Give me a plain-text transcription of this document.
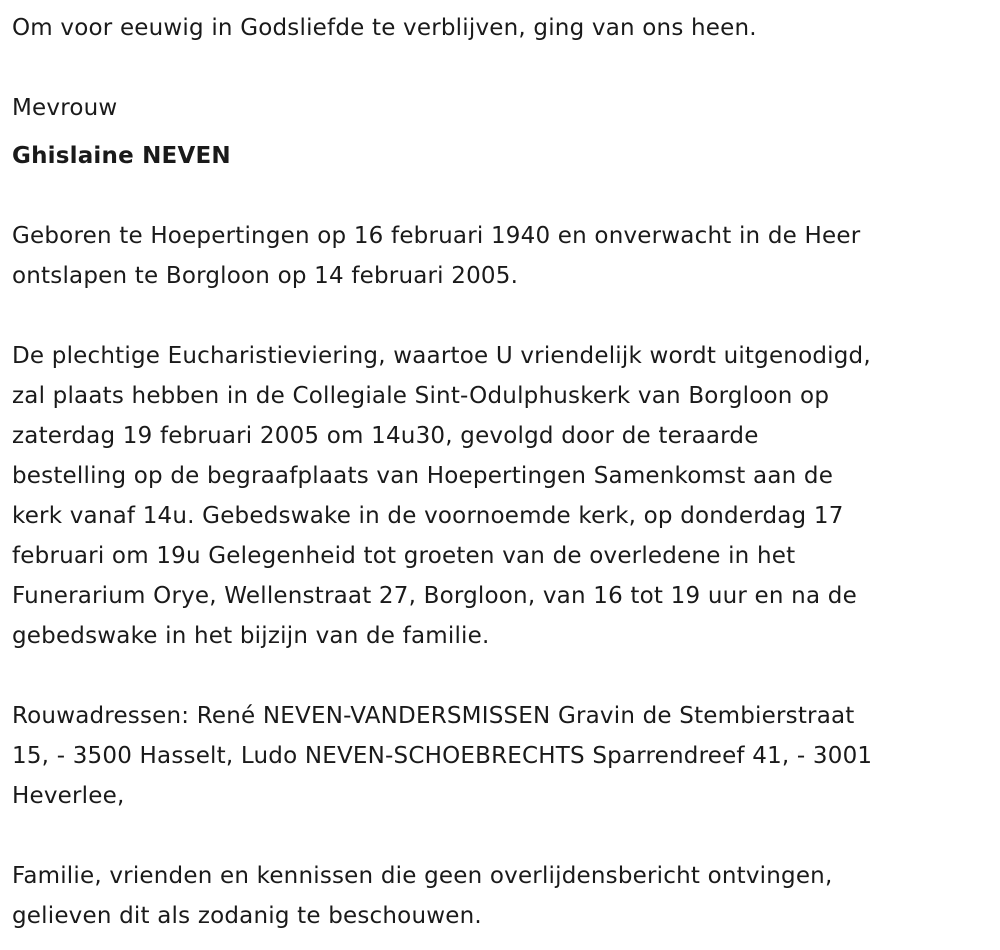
Om voor eeuwig in Godsliefde te verblijven, ging van ons heen.

Mevrouw

Ghislaine NEVEN

Geboren te Hoepertingen op 16 februari 1940 en onverwacht in de Heer

ontslapen te Borgloon op 14 februari 2005.

De plechtige Eucharistieviering, waartoe U vriendelijk wordt uitgenodigd,

zal plaats hebben in de Collegiale Sint-Odulphuskerk van Borgloon op

zaterdag 19 februari 2005 om 14u30, gevolgd door de teraarde

bestelling op de begraafplaats van Hoepertingen Samenkomst aan de

kerk vanaf 14u. Gebedswake in de voornoemde kerk, op donderdag 17

februari om 19u Gelegenheid tot groeten van de overledene in het

Funerarium Orye, Wellenstraat 27, Borgloon, van 16 tot 19 uur en na de

gebedswake in het bijzijn van de familie.

Rouwadressen: René NEVEN-VANDERSMISSEN Gravin de Stembierstraat

15, - 3500 Hasselt, Ludo NEVEN-SCHOEBRECHTS Sparrendreef 41, - 3001

Heverlee,

Familie, vrienden en kennissen die geen overlijdensbericht ontvingen,

gelieven dit als zodanig te beschouwen.
